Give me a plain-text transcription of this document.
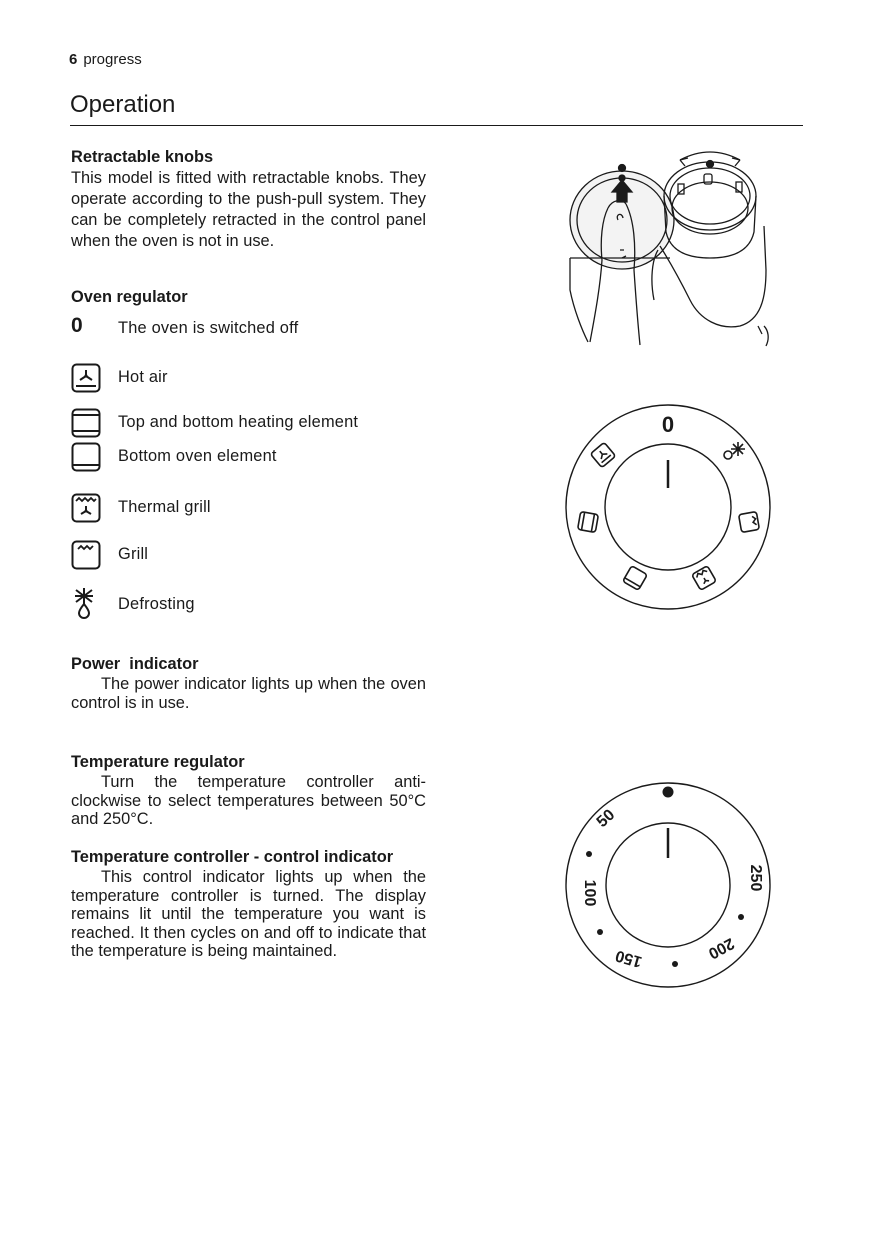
6 progress
Operation
Retractable knobs

This model is fitted with retractable knobs. They operate according to the push-pull system. They can be completely retracted in the control panel when the oven is not in use.

Oven regulator
0	The oven is switched off
Hot air
Top and bottom heating element
Bottom oven element
Thermal grill
Grill
Defrosting
Power  indicator

The power indicator lights up when the oven control is in use.

Temperature regulator

Turn the temperature controller anti-clockwise to select temperatures between 50°C and 250°C.

Temperature controller - control indicator

This control indicator lights up when the temperature controller is turned. The display remains lit until the temperature you want is reached. It then cycles on and off to indicate that the temperature is being maintained.

0
50
100
150	200
250
